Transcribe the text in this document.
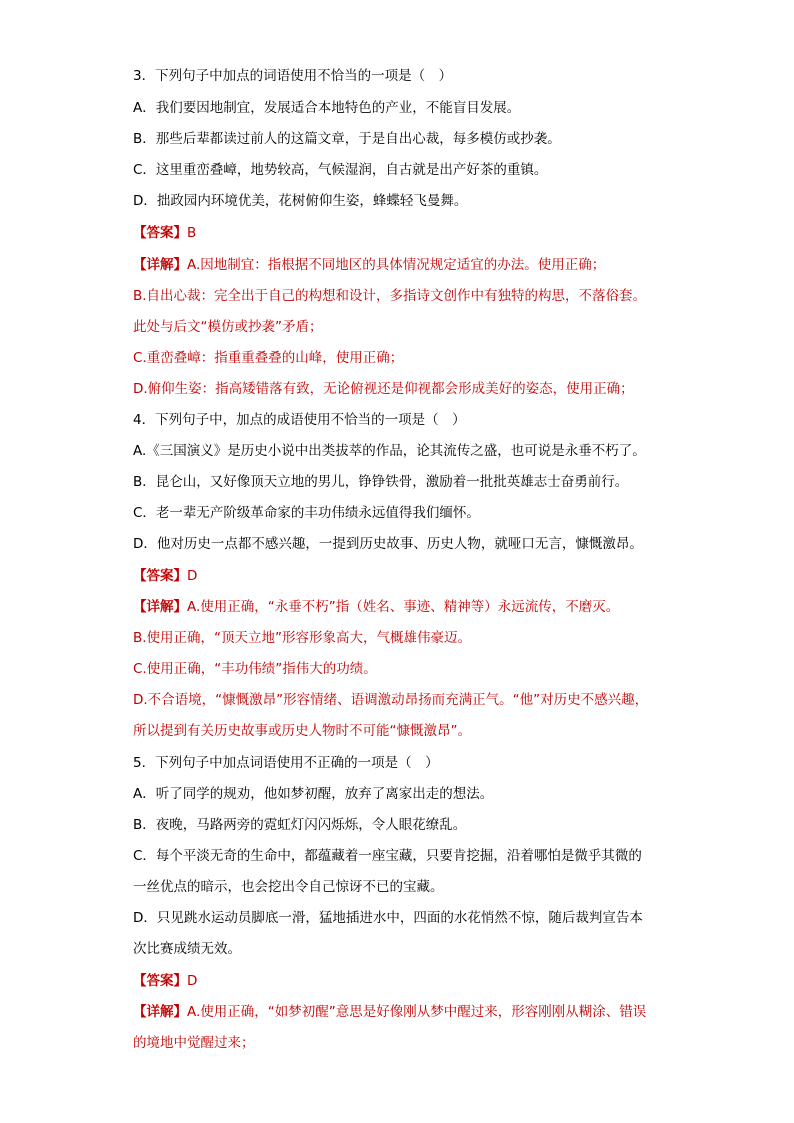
3．下列句子中加点的词语使用不恰当的一项是（　）
A．我们要因地制宜，发展适合本地特色的产业，不能盲目发展。
B．那些后辈都读过前人的这篇文章，于是自出心裁，每多模仿或抄袭。
C．这里重峦叠嶂，地势较高，气候湿润，自古就是出产好茶的重镇。
D．拙政园内环境优美，花树俯仰生姿，蜂蝶轻飞曼舞。
【答案】B
【详解】A.因地制宜：指根据不同地区的具体情况规定适宜的办法。使用正确；
B.自出心裁：完全出于自己的构想和设计，多指诗文创作中有独特的构思，不落俗套。
此处与后文“模仿或抄袭”矛盾；
C.重峦叠嶂：指重重叠叠的山峰，使用正确；
D.俯仰生姿：指高矮错落有致，无论俯视还是仰视都会形成美好的姿态，使用正确；
4．下列句子中，加点的成语使用不恰当的一项是（　）
A.《三国演义》是历史小说中出类拔萃的作品，论其流传之盛，也可说是永垂不朽了。
B．昆仑山，又好像顶天立地的男儿，铮铮铁骨，激励着一批批英雄志士奋勇前行。
C．老一辈无产阶级革命家的丰功伟绩永远值得我们缅怀。
D．他对历史一点都不感兴趣，一提到历史故事、历史人物，就哑口无言，慷慨激昂。
【答案】D
【详解】A.使用正确，“永垂不朽”指（姓名、事迹、精神等）永远流传，不磨灭。
B.使用正确，“顶天立地”形容形象高大，气概雄伟豪迈。
C.使用正确，“丰功伟绩”指伟大的功绩。
D.不合语境，“慷慨激昂”形容情绪、语调激动昂扬而充满正气。“他”对历史不感兴趣，
所以提到有关历史故事或历史人物时不可能“慷慨激昂”。
5．下列句子中加点词语使用不正确的一项是（　）
A．听了同学的规劝，他如梦初醒，放弃了离家出走的想法。
B．夜晚，马路两旁的霓虹灯闪闪烁烁，令人眼花缭乱。
C．每个平淡无奇的生命中，都蕴藏着一座宝藏，只要肯挖掘，沿着哪怕是微乎其微的
一丝优点的暗示，也会挖出令自己惊讶不已的宝藏。
D．只见跳水运动员脚底一滑，猛地插进水中，四面的水花悄然不惊，随后裁判宣告本
次比赛成绩无效。
【答案】D
【详解】A.使用正确，“如梦初醒”意思是好像刚从梦中醒过来，形容刚刚从糊涂、错误
的境地中觉醒过来；
